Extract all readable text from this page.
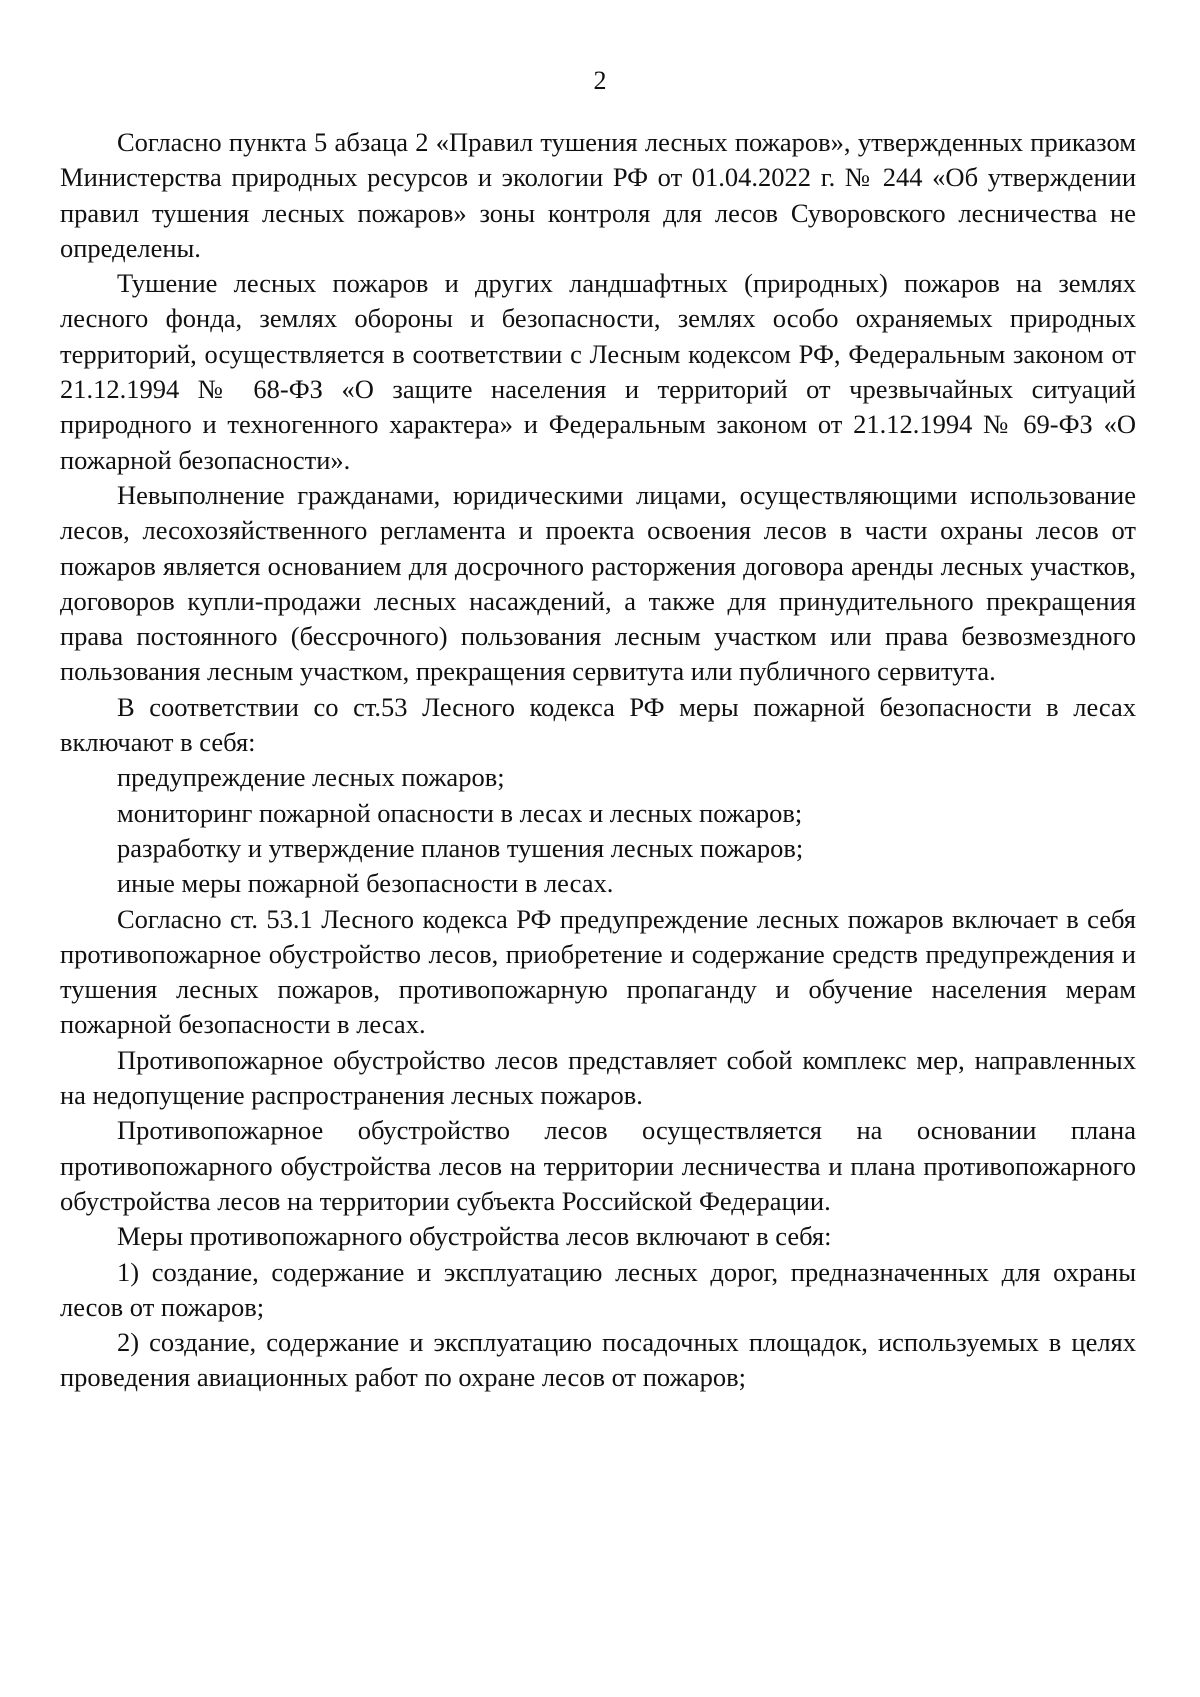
2

Согласно пункта 5 абзаца 2 «Правил тушения лесных пожаров», утвержденных приказом Министерства природных ресурсов и экологии РФ от 01.04.2022 г. № 244 «Об утверждении правил тушения лесных пожаров» зоны контроля для лесов Суворовского лесничества не определены.

Тушение лесных пожаров и других ландшафтных (природных) пожаров на землях лесного фонда, землях обороны и безопасности, землях особо охраняемых природных территорий, осуществляется в соответствии с Лесным кодексом РФ, Федеральным законом от 21.12.1994 № 68-ФЗ «О защите населения и территорий от чрезвычайных ситуаций природного и техногенного характера» и Федеральным законом от 21.12.1994 № 69-ФЗ «О пожарной безопасности».

Невыполнение гражданами, юридическими лицами, осуществляющими использование лесов, лесохозяйственного регламента и проекта освоения лесов в части охраны лесов от пожаров является основанием для досрочного расторжения договора аренды лесных участков, договоров купли-продажи лесных насаждений, а также для принудительного прекращения права постоянного (бессрочного) пользования лесным участком или права безвозмездного пользования лесным участком, прекращения сервитута или публичного сервитута.

В соответствии со ст.53 Лесного кодекса РФ меры пожарной безопасности в лесах включают в себя:

предупреждение лесных пожаров;

мониторинг пожарной опасности в лесах и лесных пожаров;

разработку и утверждение планов тушения лесных пожаров;

иные меры пожарной безопасности в лесах.

Согласно ст. 53.1 Лесного кодекса РФ предупреждение лесных пожаров включает в себя противопожарное обустройство лесов, приобретение и содержание средств предупреждения и тушения лесных пожаров, противопожарную пропаганду и обучение населения мерам пожарной безопасности в лесах.

Противопожарное обустройство лесов представляет собой комплекс мер, направленных на недопущение распространения лесных пожаров.

Противопожарное обустройство лесов осуществляется на основании плана противопожарного обустройства лесов на территории лесничества и плана противопожарного обустройства лесов на территории субъекта Российской Федерации.

Меры противопожарного обустройства лесов включают в себя:

1) создание, содержание и эксплуатацию лесных дорог, предназначенных для охраны лесов от пожаров;

2) создание, содержание и эксплуатацию посадочных площадок, используемых в целях проведения авиационных работ по охране лесов от пожаров;
